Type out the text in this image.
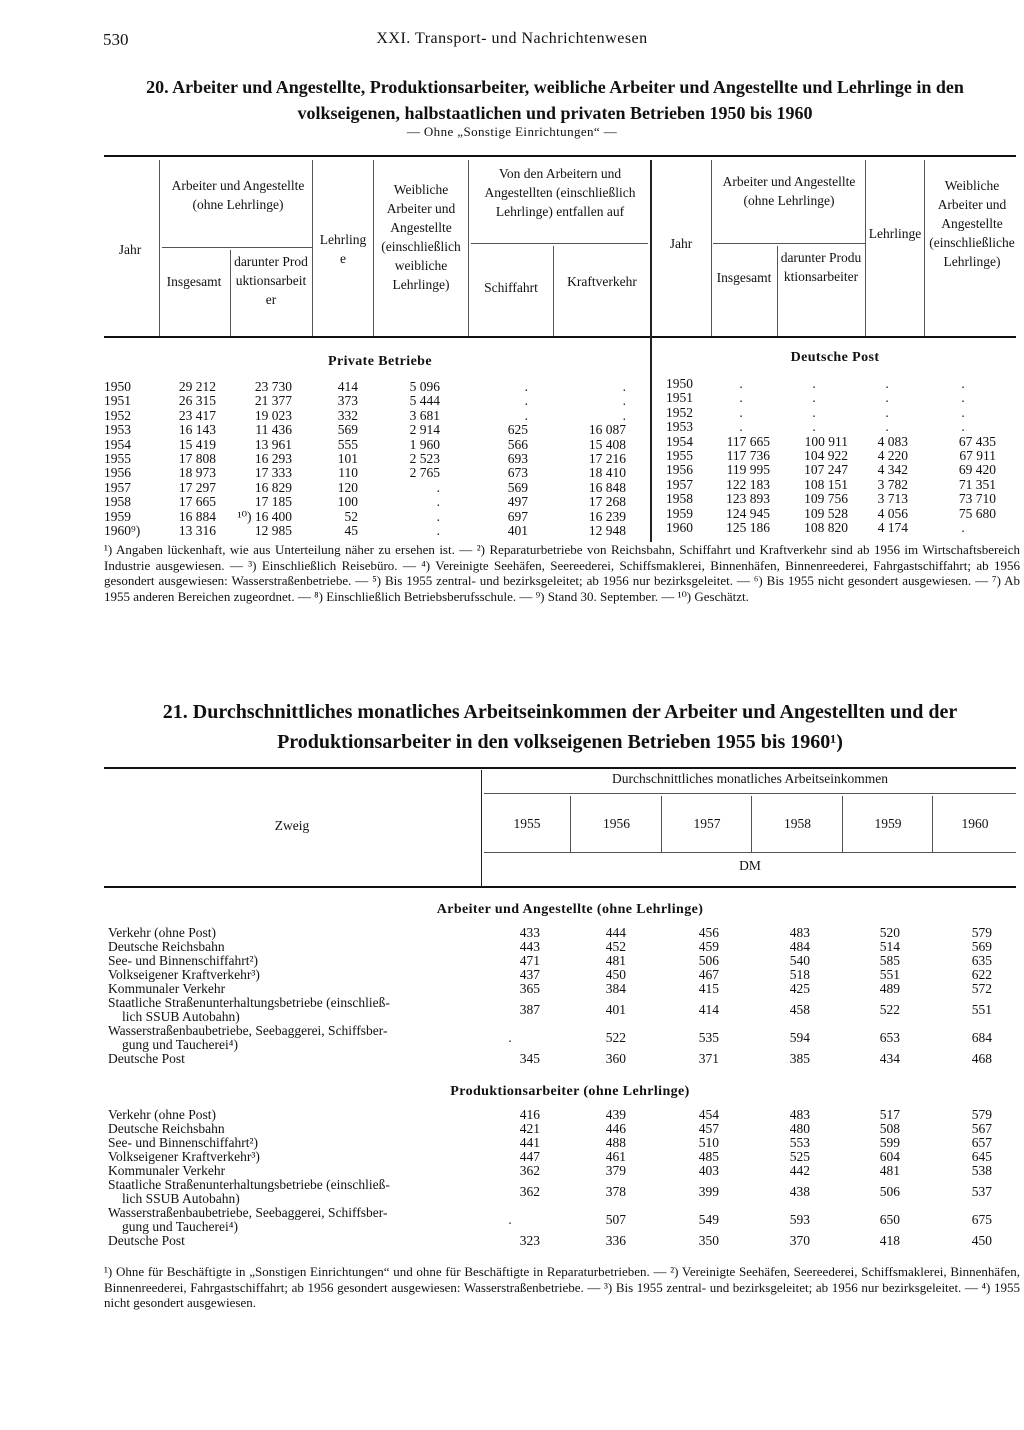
530	XXI. Transport- und Nachrichtenwesen
20. Arbeiter und Angestellte, Produktionsarbeiter, weibliche Arbeiter und Angestellte und Lehrlinge in den
volkseigenen, halbstaatlichen und privaten Betrieben 1950 bis 1960
— Ohne „Sonstige Einrichtungen“ —
Jahr
Arbeiter und Angestellte (ohne Lehrlinge)
Insgesamt
darunter Produktionsarbeiter
Lehrlinge
Weibliche Arbeiter und Angestellte (einschließlich weibliche Lehrlinge)
Von den Arbeitern und Angestellten (einschließlich Lehrlinge) entfallen auf
Schiffahrt	Kraftverkehr
Jahr
Arbeiter und Angestellte (ohne Lehrlinge)
Insgesamt
darunter Produktionsarbeiter
Lehrlinge
Weibliche Arbeiter und Angestellte (einschließliche Lehrlinge)
Private Betriebe	Deutsche Post
1950	29 212	23 730	414	5 096	.	.
1951	26 315	21 377	373	5 444	.	.
1952	23 417	19 023	332	3 681	.	.
1953	16 143	11 436	569	2 914	625	16 087
1954	15 419	13 961	555	1 960	566	15 408
1955	17 808	16 293	101	2 523	693	17 216
1956	18 973	17 333	110	2 765	673	18 410
1957	17 297	16 829	120	.	569	16 848
1958	17 665	17 185	100	.	497	17 268
1959	16 884	¹⁰) 16 400	52	.	697	16 239
1960⁹)	13 316	12 985	45	.	401	12 948
1950	.	.	.	.
1951	.	.	.	.
1952	.	.	.	.
1953	.	.	.	.
1954	117 665	100 911	4 083	67 435
1955	117 736	104 922	4 220	67 911
1956	119 995	107 247	4 342	69 420
1957	122 183	108 151	3 782	71 351
1958	123 893	109 756	3 713	73 710
1959	124 945	109 528	4 056	75 680
1960	125 186	108 820	4 174	.
¹) Angaben lückenhaft, wie aus Unterteilung näher zu ersehen ist. — ²) Reparaturbetriebe von Reichsbahn, Schiffahrt und Kraftverkehr sind ab 1956 im Wirtschaftsbereich Industrie ausgewiesen. — ³) Einschließlich Reisebüro. — ⁴) Vereinigte Seehäfen, Seereederei, Schiffsmaklerei, Binnenhäfen, Binnenreederei, Fahrgastschiffahrt; ab 1956 gesondert ausgewiesen: Wasserstraßenbetriebe. — ⁵) Bis 1955 zentral- und bezirksgeleitet; ab 1956 nur bezirksgeleitet. — ⁶) Bis 1955 nicht gesondert ausgewiesen. — ⁷) Ab 1955 anderen Bereichen zugeordnet. — ⁸) Einschließlich Betriebsberufsschule. — ⁹) Stand 30. September. — ¹⁰) Geschätzt.
21. Durchschnittliches monatliches Arbeitseinkommen der Arbeiter und Angestellten und der Produktionsarbeiter in den volkseigenen Betrieben 1955 bis 1960¹)
Zweig
Durchschnittliches monatliches Arbeitseinkommen
1955	1956	1957	1958	1959	1960
DM
Arbeiter und Angestellte (ohne Lehrlinge)
Produktionsarbeiter (ohne Lehrlinge)
Verkehr (ohne Post)	433	444	456	483	520	579
Deutsche Reichsbahn	443	452	459	484	514	569
See- und Binnenschiffahrt²)	471	481	506	540	585	635
Volkseigener Kraftverkehr³)	437	450	467	518	551	622
Kommunaler Verkehr	365	384	415	425	489	572
Staatliche Straßenunterhaltungsbetriebe (einschließ-
lich SSUB Autobahn)	387	401	414	458	522	551
Wasserstraßenbaubetriebe, Seebaggerei, Schiffsber-
gung und Taucherei⁴)	.	522	535	594	653	684
Deutsche Post	345	360	371	385	434	468
Verkehr (ohne Post)	416	439	454	483	517	579
Deutsche Reichsbahn	421	446	457	480	508	567
See- und Binnenschiffahrt²)	441	488	510	553	599	657
Volkseigener Kraftverkehr³)	447	461	485	525	604	645
Kommunaler Verkehr	362	379	403	442	481	538
Staatliche Straßenunterhaltungsbetriebe (einschließ-
lich SSUB Autobahn)	362	378	399	438	506	537
Wasserstraßenbaubetriebe, Seebaggerei, Schiffsber-
gung und Taucherei⁴)	.	507	549	593	650	675
Deutsche Post	323	336	350	370	418	450
¹) Ohne für Beschäftigte in „Sonstigen Einrichtungen“ und ohne für Beschäftigte in Reparaturbetrieben. — ²) Vereinigte Seehäfen, Seereederei, Schiffsmaklerei, Binnenhäfen, Binnenreederei, Fahrgastschiffahrt; ab 1956 gesondert ausgewiesen: Wasserstraßenbetriebe. — ³) Bis 1955 zentral- und bezirksgeleitet; ab 1956 nur bezirksgeleitet. — ⁴) 1955 nicht gesondert ausgewiesen.
